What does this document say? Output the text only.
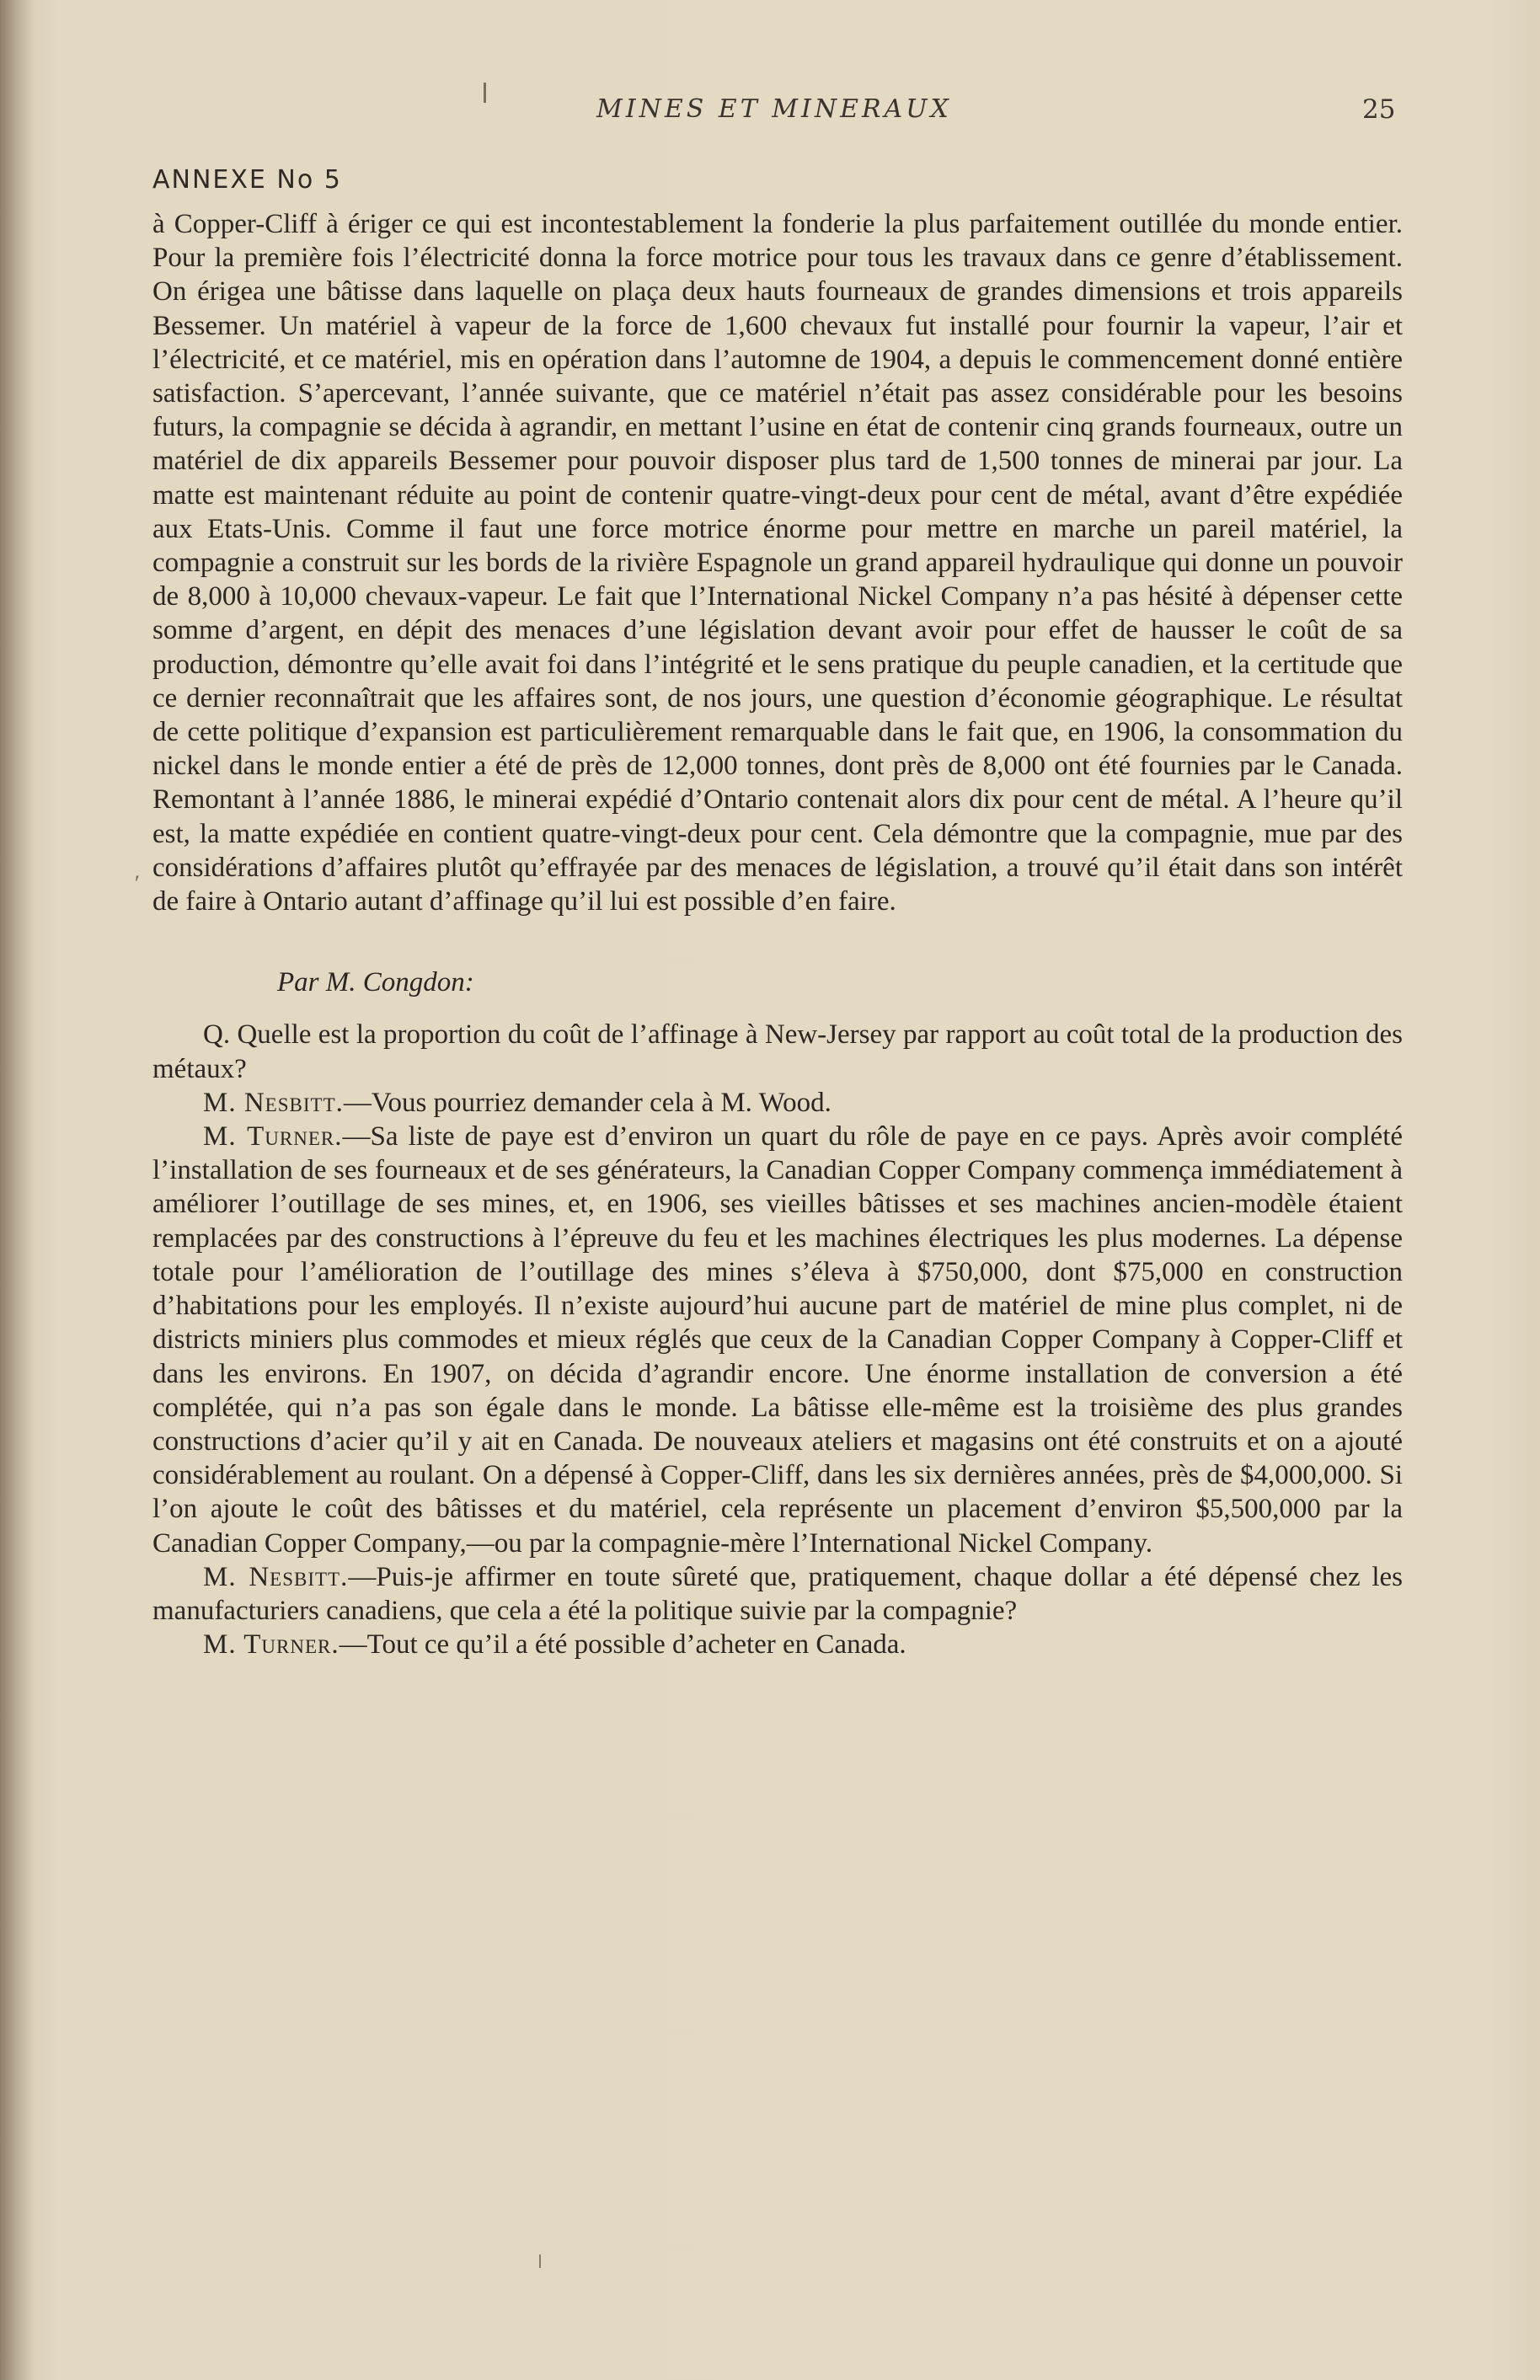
MINES ET MINERAUX	25
ANNEXE No 5
′

à Copper-Cliff à ériger ce qui est incontestablement la fonderie la plus parfaitement outillée du monde entier. Pour la première fois l’électricité donna la force motrice pour tous les travaux dans ce genre d’établissement. On érigea une bâtisse dans laquelle on plaça deux hauts fourneaux de grandes dimensions et trois appareils Bessemer. Un matériel à vapeur de la force de 1,600 chevaux fut installé pour fournir la vapeur, l’air et l’électricité, et ce matériel, mis en opération dans l’automne de 1904, a depuis le commencement donné entière satisfaction. S’apercevant, l’année suivante, que ce matériel n’était pas assez considérable pour les besoins futurs, la compagnie se décida à agrandir, en mettant l’usine en état de contenir cinq grands fourneaux, outre un matériel de dix appareils Bessemer pour pouvoir disposer plus tard de 1,500 tonnes de minerai par jour. La matte est maintenant réduite au point de contenir quatre-vingt-deux pour cent de métal, avant d’être expédiée aux Etats-Unis. Comme il faut une force motrice énorme pour mettre en marche un pareil matériel, la compagnie a construit sur les bords de la rivière Espagnole un grand appareil hydraulique qui donne un pouvoir de 8,000 à 10,000 chevaux-vapeur. Le fait que l’International Nickel Company n’a pas hésité à dépenser cette somme d’argent, en dépit des menaces d’une législation devant avoir pour effet de hausser le coût de sa production, démontre qu’elle avait foi dans l’intégrité et le sens pratique du peuple canadien, et la certitude que ce dernier reconnaîtrait que les affaires sont, de nos jours, une question d’économie géographique. Le résultat de cette politique d’expansion est particulièrement remarquable dans le fait que, en 1906, la consommation du nickel dans le monde entier a été de près de 12,000 tonnes, dont près de 8,000 ont été fournies par le Canada. Remontant à l’année 1886, le minerai expédié d’Ontario contenait alors dix pour cent de métal. A l’heure qu’il est, la matte expédiée en contient quatre-vingt-deux pour cent. Cela démontre que la compagnie, mue par des considérations d’affaires plutôt qu’effrayée par des menaces de législation, a trouvé qu’il était dans son intérêt de faire à Ontario autant d’affinage qu’il lui est possible d’en faire.

Par M. Congdon:

Q. Quelle est la proportion du coût de l’affinage à New-Jersey par rapport au coût total de la production des métaux?

M. Nesbitt.—Vous pourriez demander cela à M. Wood.

M. Turner.—Sa liste de paye est d’environ un quart du rôle de paye en ce pays. Après avoir complété l’installation de ses fourneaux et de ses générateurs, la Canadian Copper Company commença immédiatement à améliorer l’outillage de ses mines, et, en 1906, ses vieilles bâtisses et ses machines ancien-modèle étaient remplacées par des constructions à l’épreuve du feu et les machines électriques les plus modernes. La dépense totale pour l’amélioration de l’outillage des mines s’éleva à $750,000, dont $75,000 en construction d’habitations pour les employés. Il n’existe aujourd’hui aucune part de matériel de mine plus complet, ni de districts miniers plus commodes et mieux réglés que ceux de la Canadian Copper Company à Copper-Cliff et dans les environs. En 1907, on décida d’agrandir encore. Une énorme installation de conversion a été complétée, qui n’a pas son égale dans le monde. La bâtisse elle-même est la troisième des plus grandes constructions d’acier qu’il y ait en Canada. De nouveaux ateliers et magasins ont été construits et on a ajouté considérablement au roulant. On a dépensé à Copper-Cliff, dans les six dernières années, près de $4,000,000. Si l’on ajoute le coût des bâtisses et du matériel, cela représente un placement d’environ $5,500,000 par la Canadian Copper Company,—ou par la compagnie-mère l’International Nickel Company.

M. Nesbitt.—Puis-je affirmer en toute sûreté que, pratiquement, chaque dollar a été dépensé chez les manufacturiers canadiens, que cela a été la politique suivie par la compagnie?

M. Turner.—Tout ce qu’il a été possible d’acheter en Canada.
